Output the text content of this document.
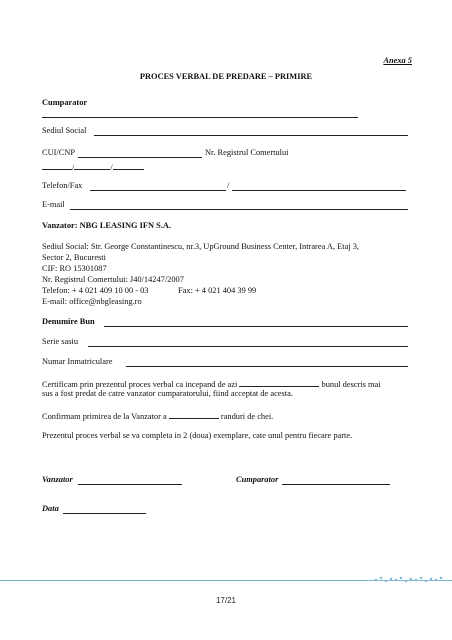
Anexa 5
PROCES VERBAL DE PREDARE – PRIMIRE
Cumparator
Sediul Social
CUI/CNP	Nr. Registrul Comertului
/	/
Telefon/Fax	/
E-mail
Vanzator: NBG LEASING IFN S.A.
Sediul Social: Str. George Constantinescu, nr.3, UpGround Business Center, Intrarea A, Etaj 3,
Sector 2, Bucuresti
CIF: RO 15301087
Nr. Registrul Comertului: J40/14247/2007
Telefon: + 4 021 409 10 00 - 03	Fax: + 4 021 404 39 99
E-mail: office@nbgleasing.ro
Denumire Bun
Serie sasiu
Numar Inmatriculare
Certificam prin prezentul proces verbal ca incepand de azi	bunul descris mai
sus a fost predat de catre vanzator cumparatorului, fiind acceptat de acesta.
Confirmam primirea de la Vanzator a	randuri de chei.
Prezentul proces verbal se va completa in 2 (doua) exemplare, cate unul pentru fiecare parte.
Vanzator	Cumparator
Data
17/21
